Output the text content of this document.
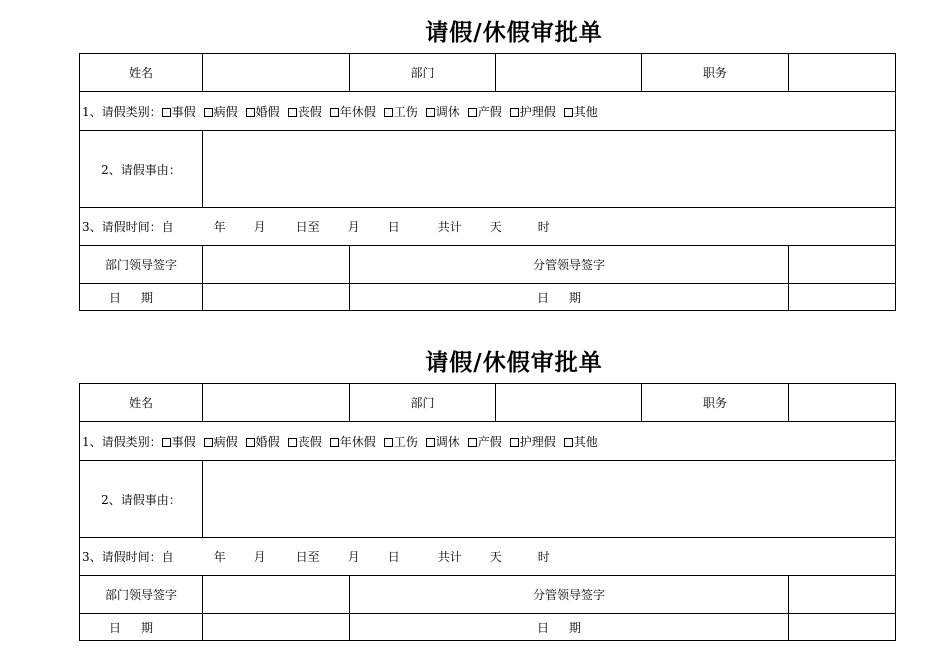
请假/休假审批单
姓名		部门		职务	
1、请假类别： 事假 病假 婚假 丧假 年休假 工伤 调休 产假 护理假 其他					
2、请假事由：					
3、请假时间：自 年 月 日至 月 日 共计 天 时					
部门领导签字		分管领导签字			
日期		日期			
请假/休假审批单
姓名		部门		职务	
1、请假类别： 事假 病假 婚假 丧假 年休假 工伤 调休 产假 护理假 其他					
2、请假事由：					
3、请假时间：自 年 月 日至 月 日 共计 天 时					
部门领导签字		分管领导签字			
日期		日期			
